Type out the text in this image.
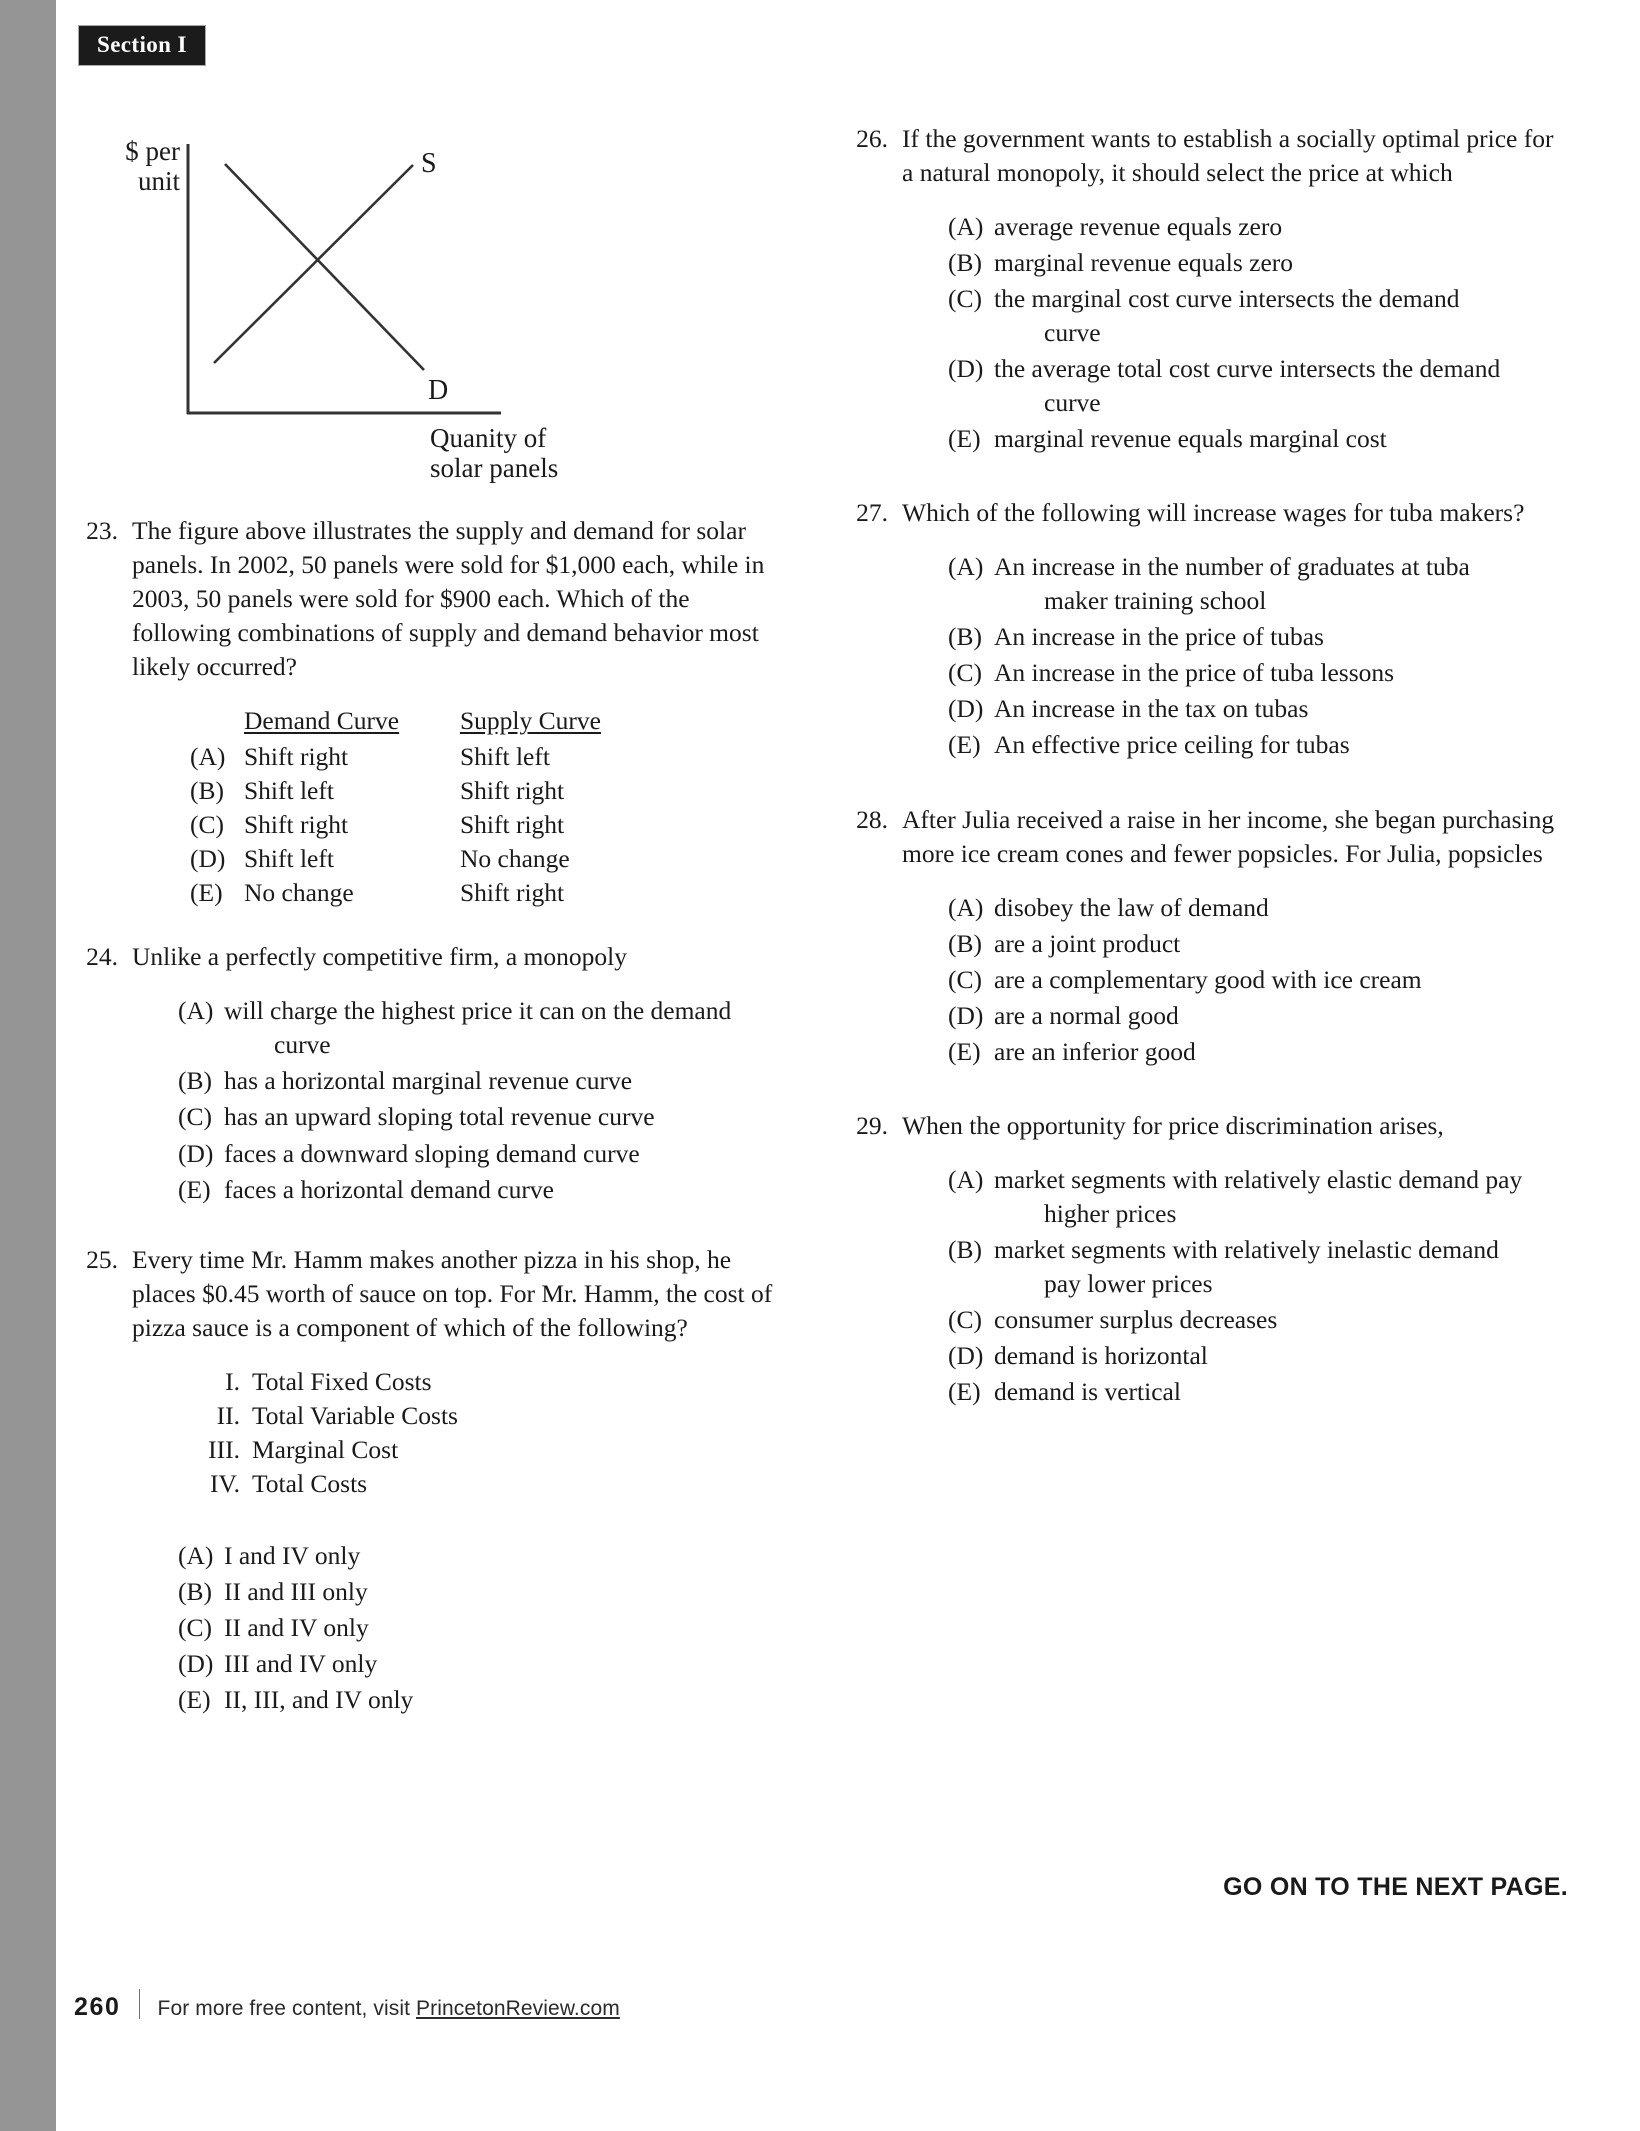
Section I
S
D
$ per
unit
Quanity of
solar panels
23. The figure above illustrates the supply and demand for solar panels. In 2002, 50 panels were sold for $1,000 each, while in 2003, 50 panels were sold for $900 each. Which of the following combinations of supply and demand behavior most likely occurred?

Demand Curve	Supply Curve
(A) Shift right	Shift left
(B) Shift left	Shift right
(C) Shift right	Shift right
(D) Shift left	No change
(E) No change	Shift right
24. Unlike a perfectly competitive firm, a monopoly

(A) will charge the highest price it can on the demand
curve
(B) has a horizontal marginal revenue curve
(C) has an upward sloping total revenue curve
(D) faces a downward sloping demand curve
(E) faces a horizontal demand curve
25. Every time Mr. Hamm makes another pizza in his shop, he places $0.45 worth of sauce on top. For Mr. Hamm, the cost of pizza sauce is a component of which of the following?

I. Total Fixed Costs
II. Total Variable Costs
III. Marginal Cost
IV. Total Costs
(A) I and IV only
(B) II and III only
(C) II and IV only
(D) III and IV only
(E) II, III, and IV only
26. If the government wants to establish a socially optimal price for a natural monopoly, it should select the price at which

(A) average revenue equals zero
(B) marginal revenue equals zero
(C) the marginal cost curve intersects the demand
curve
(D) the average total cost curve intersects the demand
curve
(E) marginal revenue equals marginal cost
27. Which of the following will increase wages for tuba makers?

(A) An increase in the number of graduates at tuba
maker training school
(B) An increase in the price of tubas
(C) An increase in the price of tuba lessons
(D) An increase in the tax on tubas
(E) An effective price ceiling for tubas
28. After Julia received a raise in her income, she began purchasing more ice cream cones and fewer popsicles. For Julia, popsicles

(A) disobey the law of demand
(B) are a joint product
(C) are a complementary good with ice cream
(D) are a normal good
(E) are an inferior good
29. When the opportunity for price discrimination arises,

(A) market segments with relatively elastic demand pay
higher prices
(B) market segments with relatively inelastic demand
pay lower prices
(C) consumer surplus decreases
(D) demand is horizontal
(E) demand is vertical
GO ON TO THE NEXT PAGE.
260 For more free content, visit PrincetonReview.com
